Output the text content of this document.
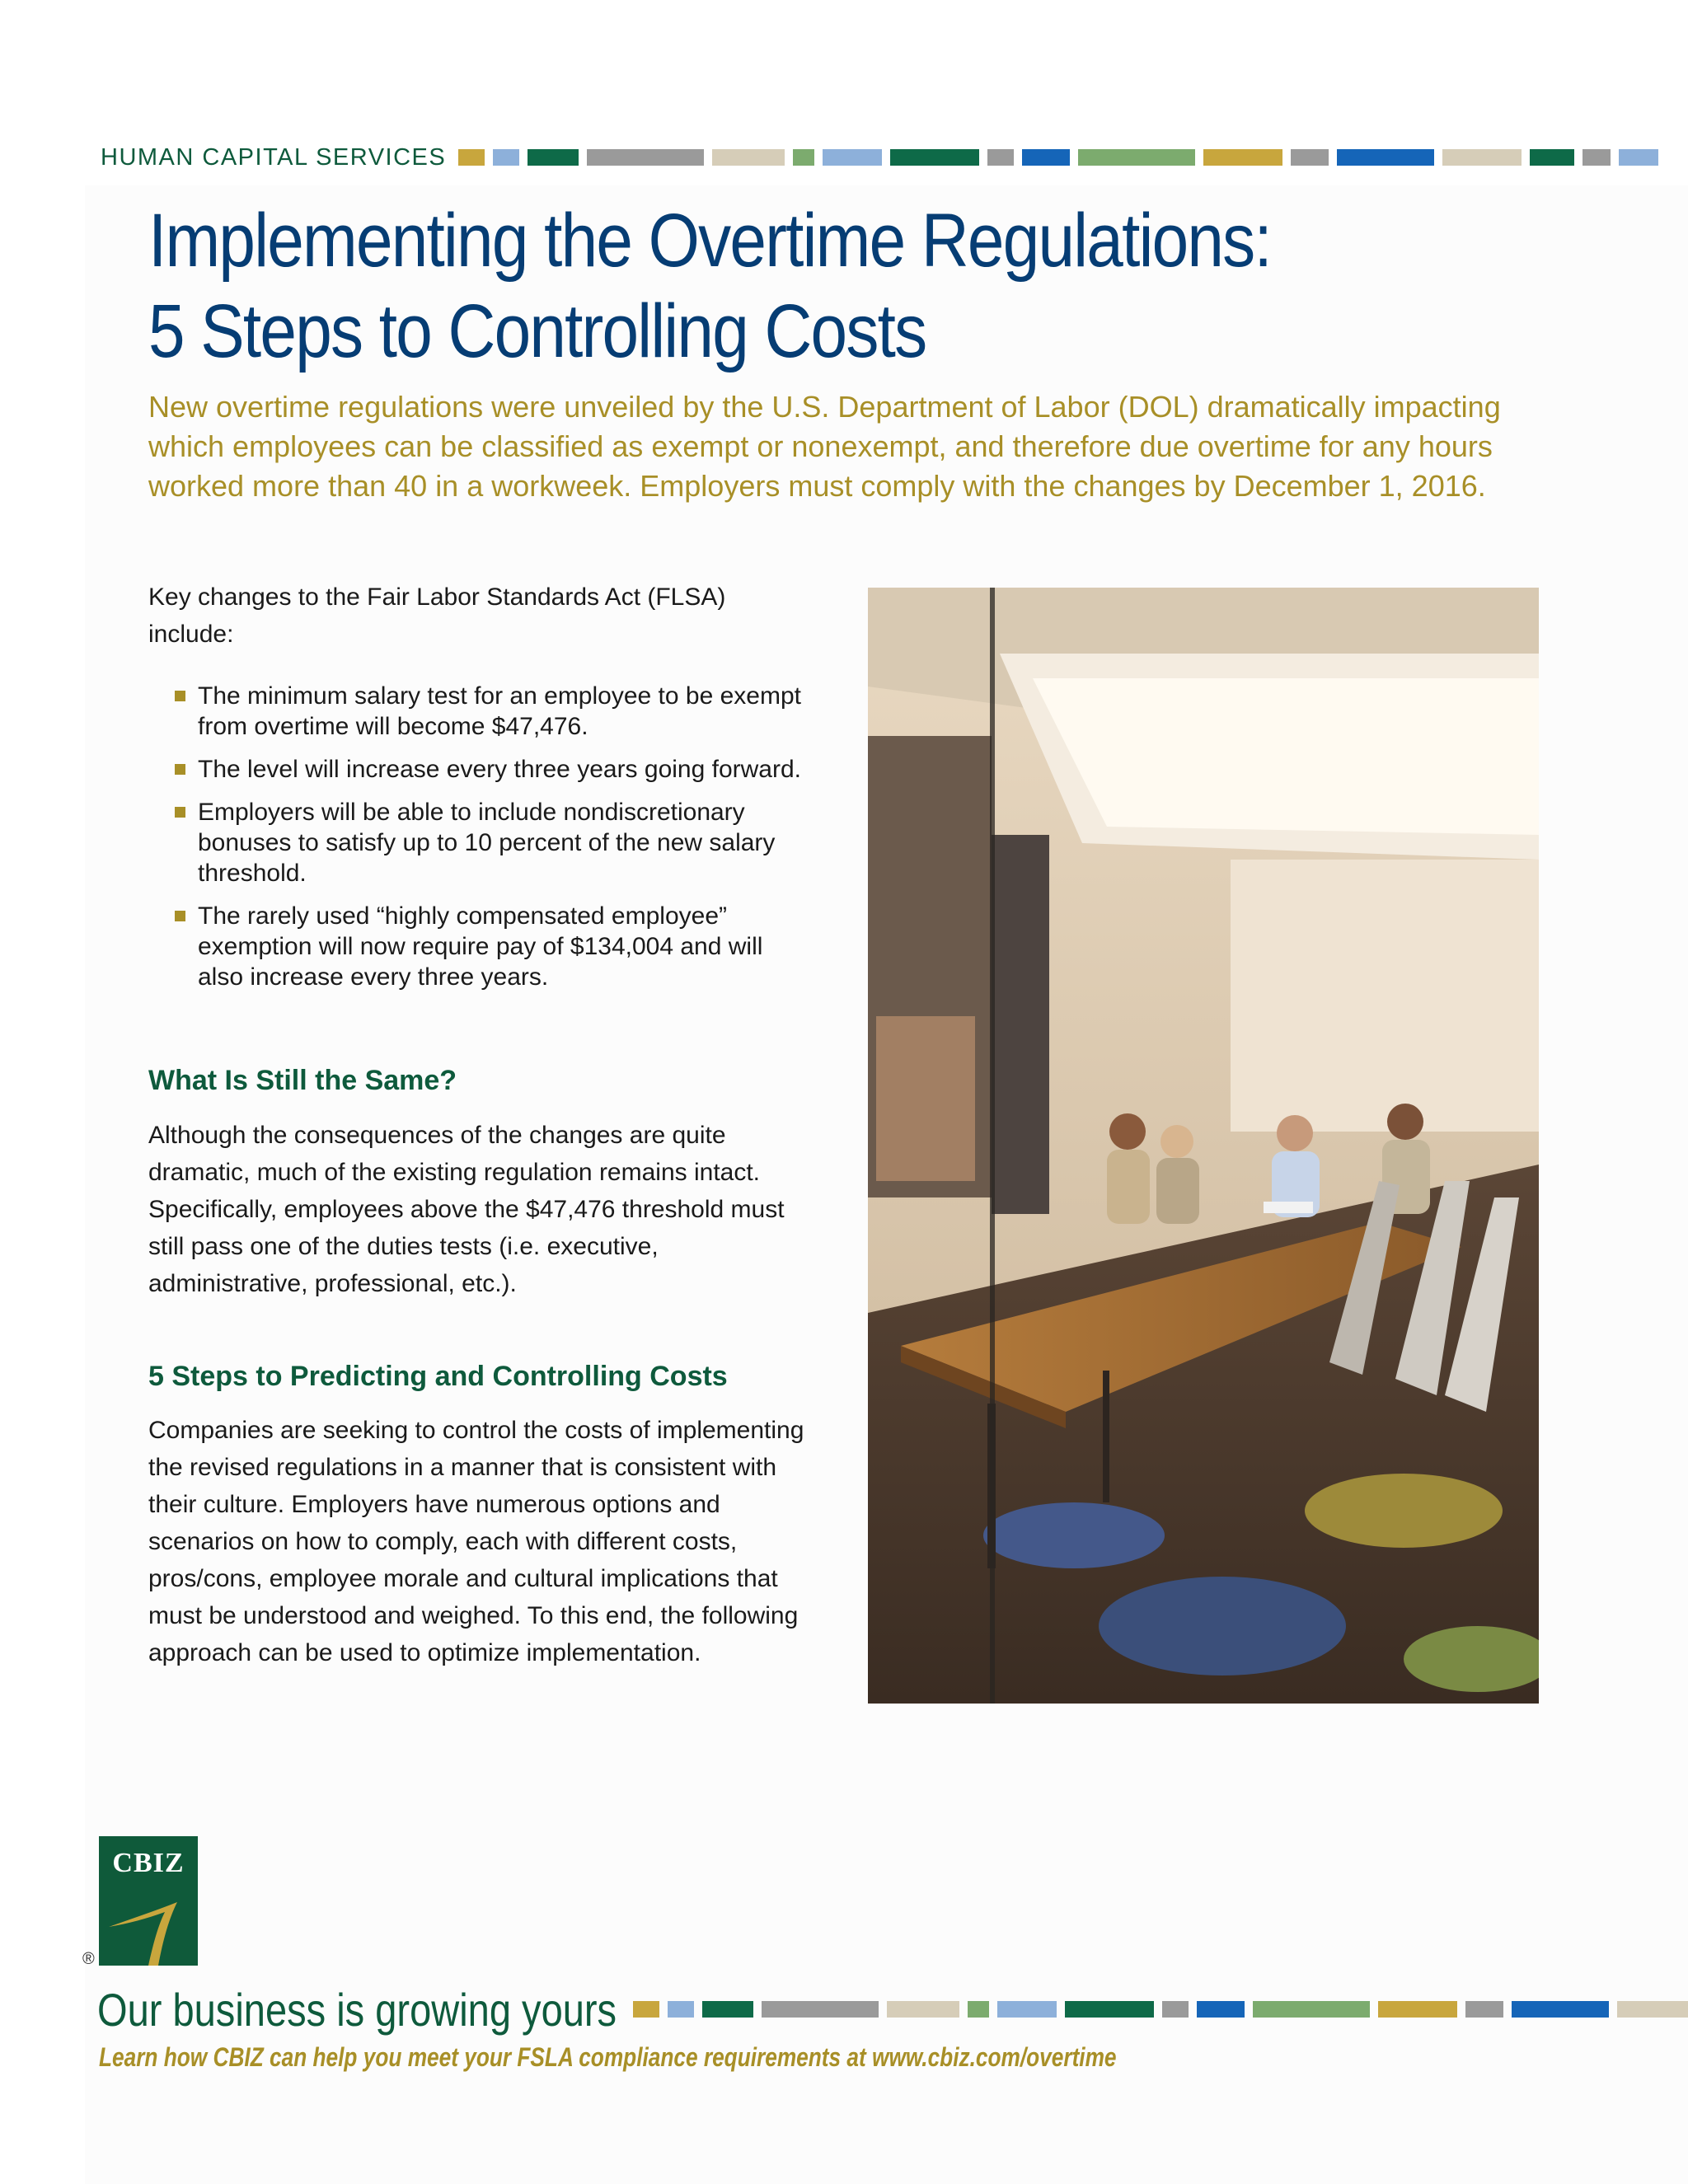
HUMAN CAPITAL SERVICES
Implementing the Overtime Regulations:
5 Steps to Controlling Costs

New overtime regulations were unveiled by the U.S. Department of Labor (DOL) dramatically impacting which employees can be classified as exempt or nonexempt, and therefore due overtime for any hours worked more than 40 in a workweek. Employers must comply with the changes by December 1, 2016.

Key changes to the Fair Labor Standards Act (FLSA) include:

The minimum salary test for an employee to be exempt from overtime will become $47,476.
The level will increase every three years going forward.
Employers will be able to include nondiscretionary bonuses to satisfy up to 10 percent of the new salary threshold.
The rarely used “highly compensated employee” exemption will now require pay of $134,004 and will also increase every three years.
What Is Still the Same?

Although the consequences of the changes are quite dramatic, much of the existing regulation remains intact. Specifically, employees above the $47,476 threshold must still pass one of the duties tests (i.e. executive, administrative, professional, etc.).

5 Steps to Predicting and Controlling Costs

Companies are seeking to control the costs of implementing the revised regulations in a manner that is consistent with their culture. Employers have numerous options and scenarios on how to comply, each with different costs, pros/cons, employee morale and cultural implications that must be understood and weighed. To this end, the following approach can be used to optimize implementation.

CBIZ
®

Our business is growing yours

Learn how CBIZ can help you meet your FSLA compliance requirements at www.cbiz.com/overtime
